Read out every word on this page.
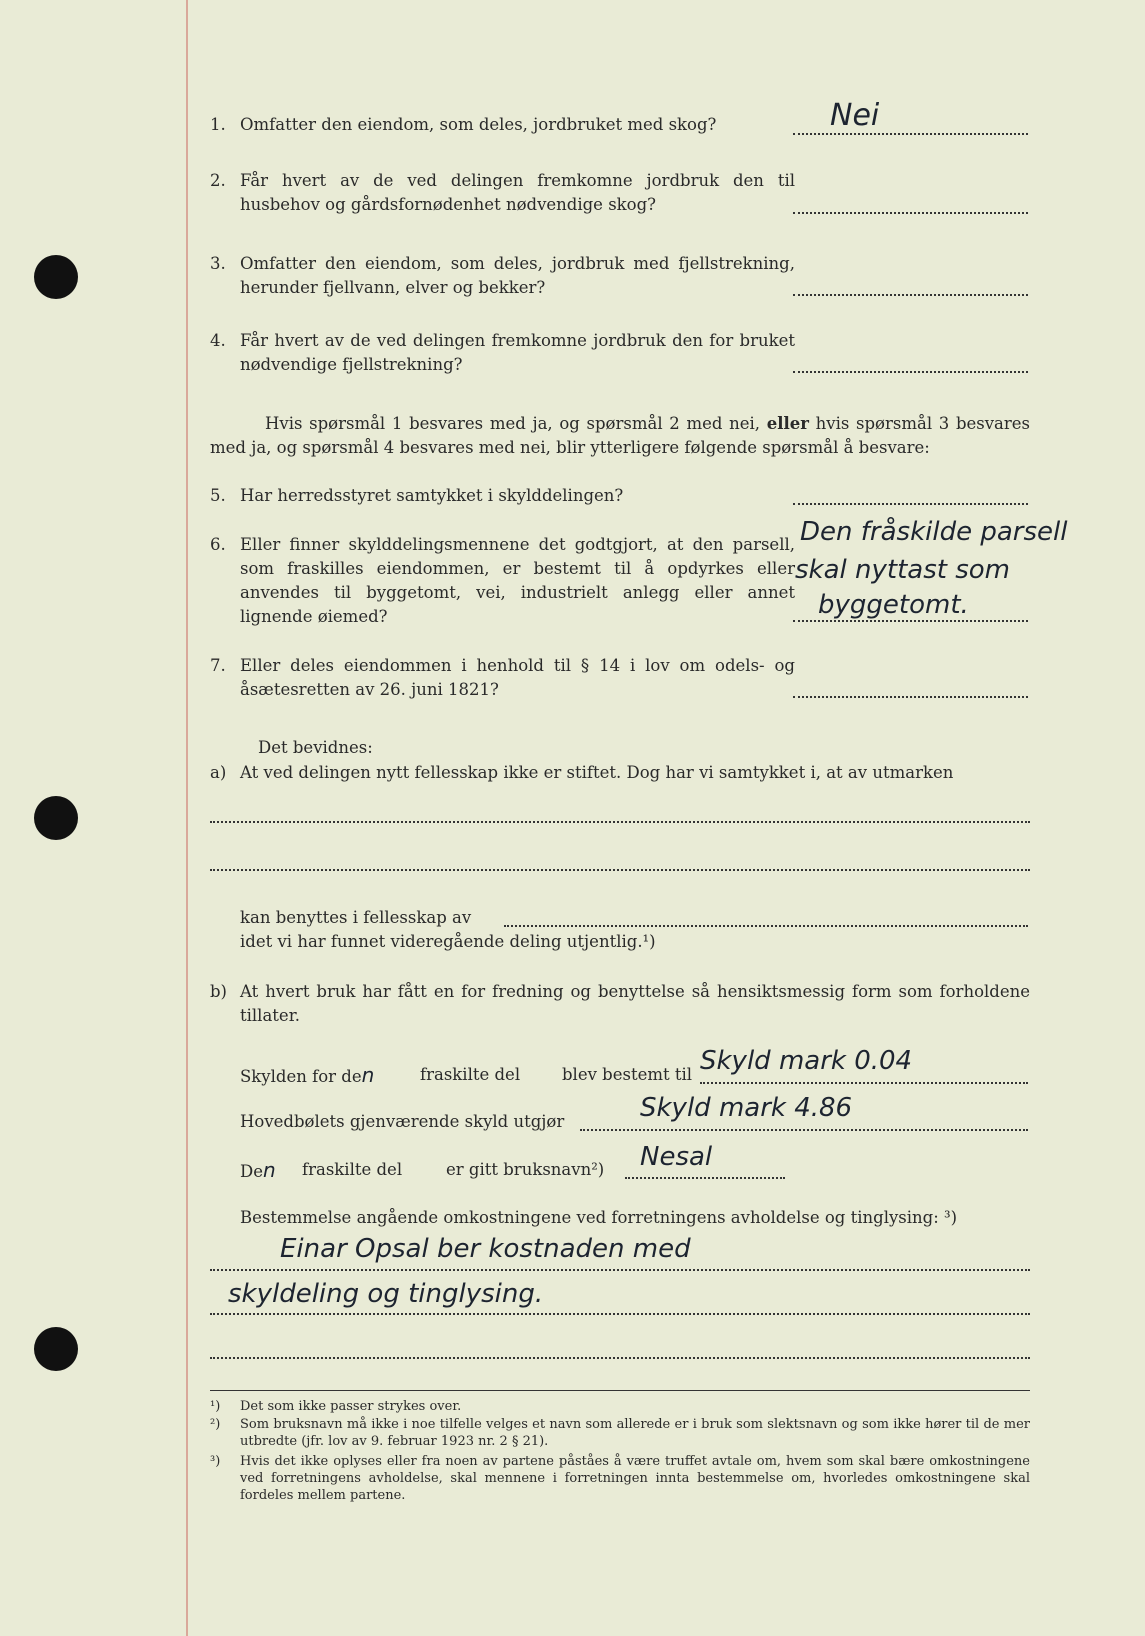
1. Omfatter den eiendom, som deles, jordbruket med skog?	Nei
2. Får hvert av de ved delingen fremkomne jordbruk den til husbehov og gårdsfornødenhet nødvendige skog?
3. Omfatter den eiendom, som deles, jordbruk med fjellstrekning, herunder fjellvann, elver og bekker?
4. Får hvert av de ved delingen fremkomne jordbruk den for bruket nødvendige fjellstrekning?
Hvis spørsmål 1 besvares med ja, og spørsmål 2 med nei, eller hvis spørsmål 3 besvares med ja, og spørsmål 4 besvares med nei, blir ytterligere følgende spørsmål å besvare:
5. Har herredsstyret samtykket i skylddelingen?
6. Eller finner skylddelingsmennene det godtgjort, at den parsell, som fraskilles eiendommen, er bestemt til å opdyrkes eller anvendes til byggetomt, vei, industrielt anlegg eller annet lignende øiemed?
Den fråskilde parsell
skal nyttast som
byggetomt.
7. Eller deles eiendommen i henhold til § 14 i lov om odels- og åsætesretten av 26. juni 1821?
Det bevidnes:
a) At ved delingen nytt fellesskap ikke er stiftet. Dog har vi samtykket i, at av utmarken
kan benyttes i fellesskap av
idet vi har funnet videregående deling utjentlig.¹)
b) At hvert bruk har fått en for fredning og benyttelse så hensiktsmessig form som forholdene tillater.
Skylden for den	fraskilte del	blev bestemt til Skyld mark 0.04
Hovedbølets gjenværende skyld utgjør	Skyld mark 4.86
Den fraskilte del	er gitt bruksnavn²) Nesal
Bestemmelse angående omkostningene ved forretningens avholdelse og tinglysing: ³)
Einar Opsal ber kostnaden med
skyldeling og tinglysing.
¹) Det som ikke passer strykes over.
²) Som bruksnavn må ikke i noe tilfelle velges et navn som allerede er i bruk som slektsnavn og som ikke hører til de mer utbredte (jfr. lov av 9. februar 1923 nr. 2 § 21).
³) Hvis det ikke oplyses eller fra noen av partene påståes å være truffet avtale om, hvem som skal bære omkostningene ved forretningens avholdelse, skal mennene i forretningen innta bestemmelse om, hvorledes omkostningene skal fordeles mellem partene.
